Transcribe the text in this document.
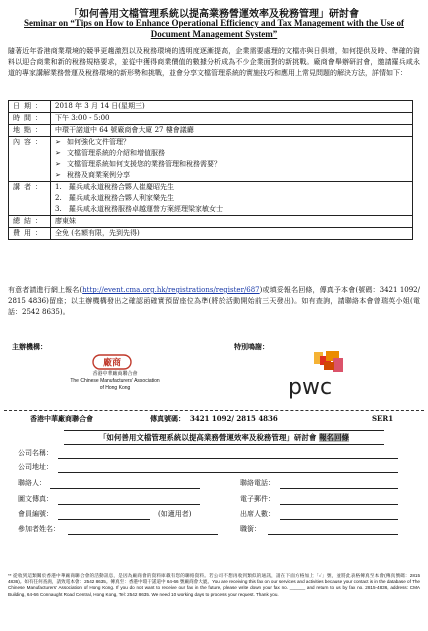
「如何善用文檔管理系統以提高業務營運效率及稅務管理」研討會
Seminar on “Tips on How to Enhance Operational Efficiency and Tax Management with the Use of Document Management System”
隨著近年香港商業環境的競爭更趨激烈以及稅務環境的透明度逐漸提高，企業需要處理的文檔亦與日俱增，如何提供及時、準確的資料以迎合商業和新的稅務規格要求，並從中獲得商業價值的數據分析成為不少企業面對的新挑戰。廠商會舉辦研討會，邀請羅兵咸永道的專家講解業務營運及稅務環境的新形勢和挑戰，並會分享文檔管理系統的實施技巧和應用上常見問題的解決方法，詳情如下：
日期：	2018 年 3 月 14 日(星期三)
時間：	下午 3:00 - 5:00
地點：	中環干諾道中 64 號廠商會大廈 27 樓會議廳
內容：	➢ 如何強化文件管理？
➢ 文檔管理系統的介紹和增值服務
➢ 文檔管理系統如何支援您的業務管理和稅務需要？
➢ 稅務及商業案例分享

講者：	1. 羅兵咸永道稅務合夥人崔慶昭先生
2. 羅兵咸永道稅務合夥人利家樂先生
3. 羅兵咸永道稅務服務卓越運營方案經理梁家敏女士

總結：	廖東妹
費用：	全免 (名額有限，先到先得)
有意者請進行網上報名(http://event.cma.org.hk/registrations/register/687)或填妥報名回條，傳真予本會(號碼：3421 1092/ 2815 4836)留座；以主辦機構發出之確認函確實預留座位為準(將於活動開始前三天發出)。如有查詢，請聯絡本會曾瑞英小姐(電話：2542 8635)。
主辦機構：	特別鳴謝：
廠商
香港中華廠商聯合會
The Chinese Manufacturers' Association of Hong Kong	pwc
香港中華廠商聯合會	傳真號碼： 3421 1092/ 2815 4836	SER1
「如何善用文檔管理系統以提高業務營運效率及稅務管理」研討會 報名回條
公司名稱：
公司地址：
聯絡人：	聯絡電話：
圖文傳真：	電子郵件：
會員編號：	(如適用者)	出席人數：
參加者姓名：	職銜：
** 從收到這類關於香港中華廠商聯合會的活動訊息，是因為廠商會的資料庫載有您的聯絡資料。若公司不想再收到類似的通訊，請在下面方格加上「✓」號，並將此表格傳真至本會(傳真號碼：2815 4836)。如有任何查詢，請致電本會：2542 8635。傳真至：香港中環干諾道中 64-66 號廠商會大廈。You are receiving this fax on our services and activities because your contact is in the database of The Chinese Manufacturers' Association of Hong Kong. If you do not want to receive our fax in the future, please write down your fax no. ______ and return to us by fax no. 2815-4836, address: CMA Building, 64-66 Connaught Road Central, Hong Kong, Tel: 2542 8635. We need 10 working days to process your request. Thank you.
